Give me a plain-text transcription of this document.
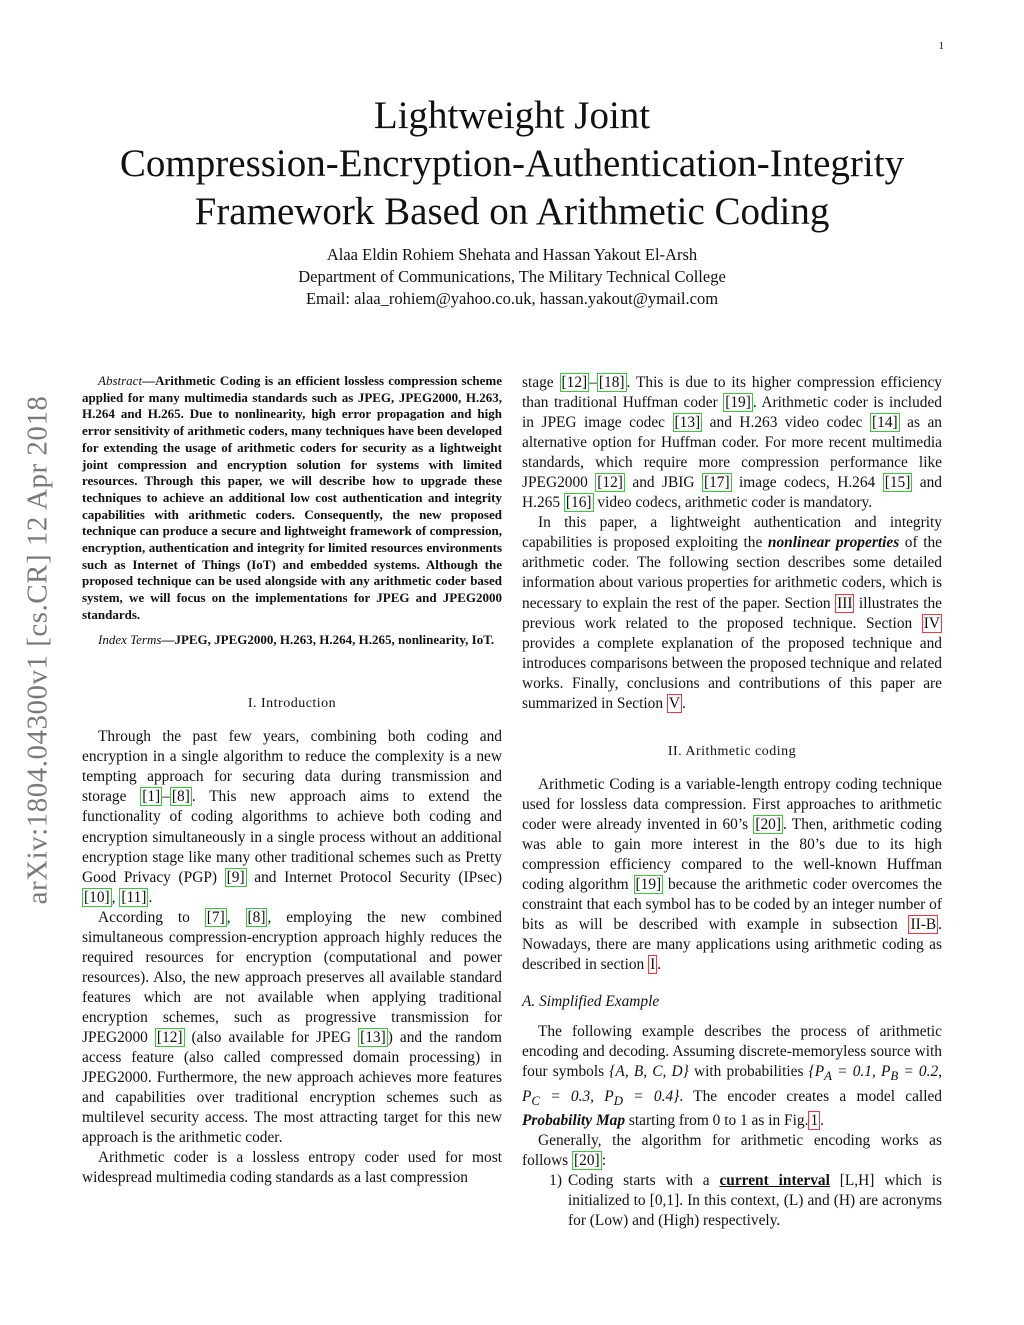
1
arXiv:1804.04300v1 [cs.CR] 12 Apr 2018
Lightweight Joint
Compression-Encryption-Authentication-Integrity
Framework Based on Arithmetic Coding
Alaa Eldin Rohiem Shehata and Hassan Yakout El-Arsh
Department of Communications, The Military Technical College
Email: alaa_rohiem@yahoo.co.uk, hassan.yakout@ymail.com

Abstract—Arithmetic Coding is an efficient lossless compression scheme applied for many multimedia standards such as JPEG, JPEG2000, H.263, H.264 and H.265. Due to nonlinearity, high error propagation and high error sensitivity of arithmetic coders, many techniques have been developed for extending the usage of arithmetic coders for security as a lightweight joint compression and encryption solution for systems with limited resources. Through this paper, we will describe how to upgrade these techniques to achieve an additional low cost authentication and integrity capabilities with arithmetic coders. Consequently, the new proposed technique can produce a secure and lightweight framework of compression, encryption, authentication and integrity for limited resources environments such as Internet of Things (IoT) and embedded systems. Although the proposed technique can be used alongside with any arithmetic coder based system, we will focus on the implementations for JPEG and JPEG2000 standards.

Index Terms—JPEG, JPEG2000, H.263, H.264, H.265, nonlinearity, IoT.

I. Introduction

Through the past few years, combining both coding and encryption in a single algorithm to reduce the complexity is a new tempting approach for securing data during transmission and storage [1] – [8] . This new approach aims to extend the functionality of coding algorithms to achieve both coding and encryption simultaneously in a single process without an additional encryption stage like many other traditional schemes such as Pretty Good Privacy (PGP) [9] and Internet Protocol Security (IPsec) [10] , [11] .

According to [7] , [8] , employing the new combined simultaneous compression-encryption approach highly reduces the required resources for encryption (computational and power resources). Also, the new approach preserves all available standard features which are not available when applying traditional encryption schemes, such as progressive transmission for JPEG2000 [12] (also available for JPEG [13] ) and the random access feature (also called compressed domain processing) in JPEG2000. Furthermore, the new approach achieves more features and capabilities over traditional encryption schemes such as multilevel security access. The most attracting target for this new approach is the arithmetic coder.

Arithmetic coder is a lossless entropy coder used for most widespread multimedia coding standards as a last compression

stage [12] – [18] . This is due to its higher compression efficiency than traditional Huffman coder [19] . Arithmetic coder is included in JPEG image codec [13] and H.263 video codec [14] as an alternative option for Huffman coder. For more recent multimedia standards, which require more compression performance like JPEG2000 [12] and JBIG [17] image codecs, H.264 [15] and H.265 [16] video codecs, arithmetic coder is mandatory.

In this paper, a lightweight authentication and integrity capabilities is proposed exploiting the nonlinear properties of the arithmetic coder. The following section describes some detailed information about various properties for arithmetic coders, which is necessary to explain the rest of the paper. Section III illustrates the previous work related to the proposed technique. Section IV provides a complete explanation of the proposed technique and introduces comparisons between the proposed technique and related works. Finally, conclusions and contributions of this paper are summarized in Section V .

II. Arithmetic coding

Arithmetic Coding is a variable-length entropy coding technique used for lossless data compression. First approaches to arithmetic coder were already invented in 60’s [20] . Then, arithmetic coding was able to gain more interest in the 80’s due to its high compression efficiency compared to the well-known Huffman coding algorithm [19] because the arithmetic coder overcomes the constraint that each symbol has to be coded by an integer number of bits as will be described with example in subsection II-B . Nowadays, there are many applications using arithmetic coding as described in section I .

A. Simplified Example

The following example describes the process of arithmetic encoding and decoding. Assuming discrete-memoryless source with four symbols {A, B, C, D} with probabilities {$P_A = 0.1$, $P_B = 0.2$, $P_C = 0.3$, $P_D = 0.4$}. The encoder creates a model called Probability Map starting from 0 to 1 as in Fig. 1 .

Generally, the algorithm for arithmetic encoding works as follows [20] :

1) Coding starts with a current interval [L,H] which is initialized to [0,1]. In this context, (L) and (H) are acronyms for (Low) and (High) respectively.
